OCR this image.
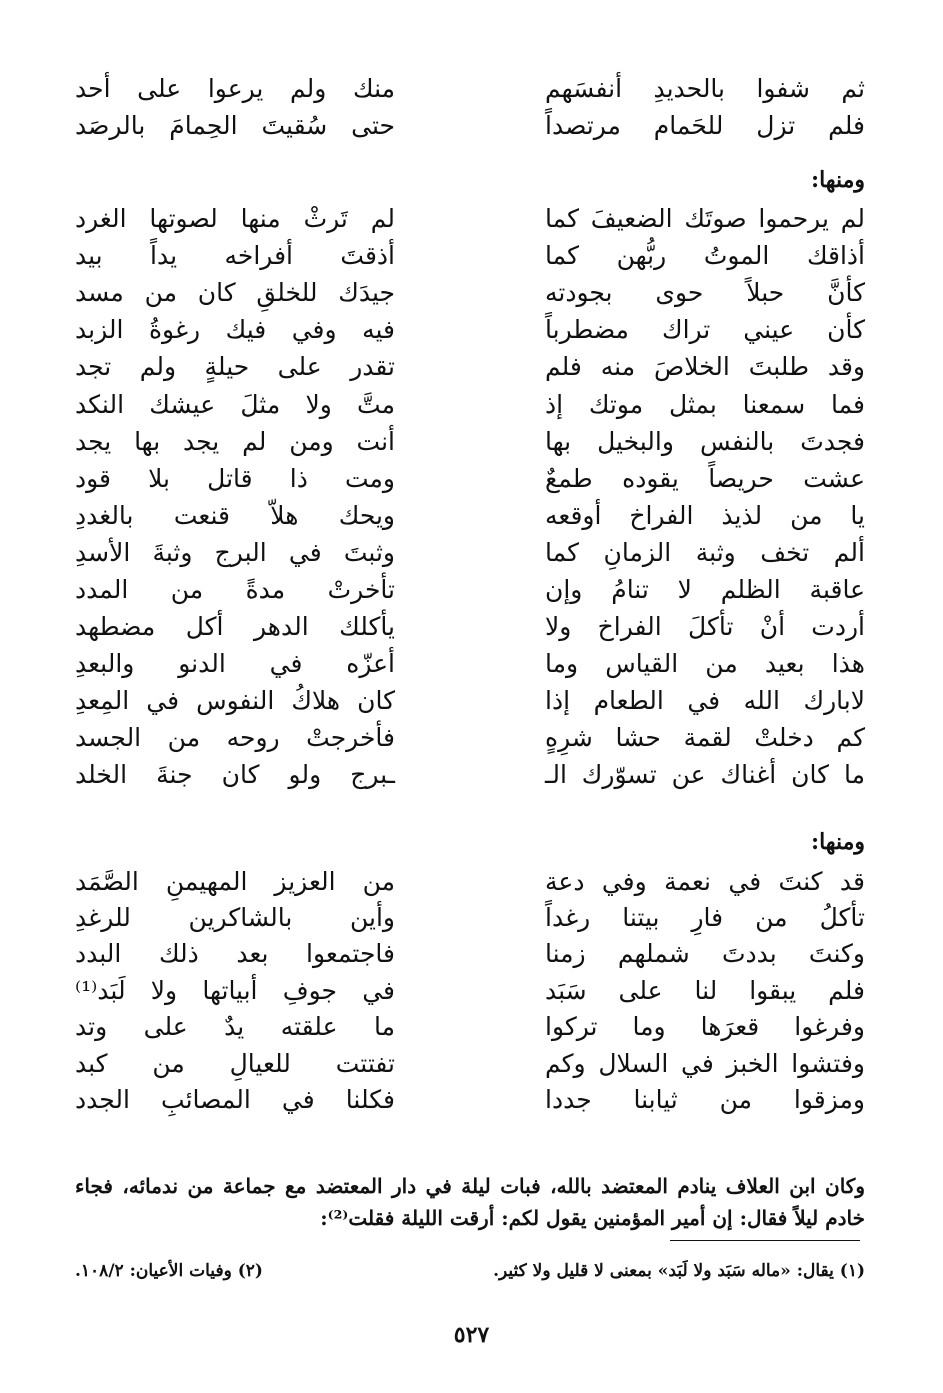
ثم شفوا بالحديدِ أنفسَهم
منك ولم يرعوا على أحد
فلم تزل للحَمام مرتصداً
حتى سُقيتَ الحِمامَ بالرصَد
ومنها:
لم يرحموا صوتَك الضعيفَ كما
لم تَرثْ منها لصوتها الغرد
أذاقك الموتُ ربُّهن كما
أذقتَ أفراخه يداً بيد
كأنَّ حبلاً حوى بجودته
جيدَك للخلقِ كان من مسد
كأن عيني تراك مضطرباً
فيه وفي فيك رغوةُ الزبد
وقد طلبتَ الخلاصَ منه فلم
تقدر على حيلةٍ ولم تجد
فما سمعنا بمثل موتك إذ
متَّ ولا مثلَ عيشك النكد
فجدتَ بالنفس والبخيل بها
أنت ومن لم يجد بها يجد
عشت حريصاً يقوده طمعٌ
ومت ذا قاتل بلا قود
يا من لذيذ الفراخ أوقعه
ويحك هلاّ قنعت بالغددِ
ألم تخف وثبة الزمانِ كما
وثبتَ في البرج وثبةَ الأسدِ
عاقبة الظلم لا تنامُ وإن
تأخرتْ مدةً من المدد
أردت أنْ تأكلَ الفراخ ولا
يأكلك الدهر أكل مضطهد
هذا بعيد من القياس وما
أعزّه في الدنو والبعدِ
لابارك الله في الطعام إذا
كان هلاكُ النفوس في المِعدِ
كم دخلتْ لقمة حشا شرِهٍ
فأخرجتْ روحه من الجسد
ما كان أغناك عن تسوّرك الـ
ـبرج ولو كان جنةَ الخلد
ومنها:
قد كنتَ في نعمة وفي دعة
من العزيز المهيمنِ الصَّمَد
تأكلُ من فارِ بيتنا رغداً
وأين بالشاكرين للرغدِ
وكنتَ بددتَ شملهم زمنا
فاجتمعوا بعد ذلك البدد
فلم يبقوا لنا على سَبَد
في جوفِ أبياتها ولا لَبَد⁽¹⁾
وفرغوا قعرَها وما تركوا
ما علقته يدٌ على وتد
وفتشوا الخبز في السلال وكم
تفتتت للعيالِ من كبد
ومزقوا من ثيابنا جددا
فكلنا في المصائبِ الجدد

وكان ابن العلاف ينادم المعتضد بالله، فبات ليلة في دار المعتضد مع جماعة من ندمائه، فجاء خادم ليلاً فقال: إن أمير المؤمنين يقول لكم: أرقت الليلة فقلت⁽²⁾:

(١) يقال: «ماله سَبَد ولا لَبَد» بمعنى لا قليل ولا كثير.
(٢) وفيات الأعيان: ١٠٨/٢.
٥٢٧
